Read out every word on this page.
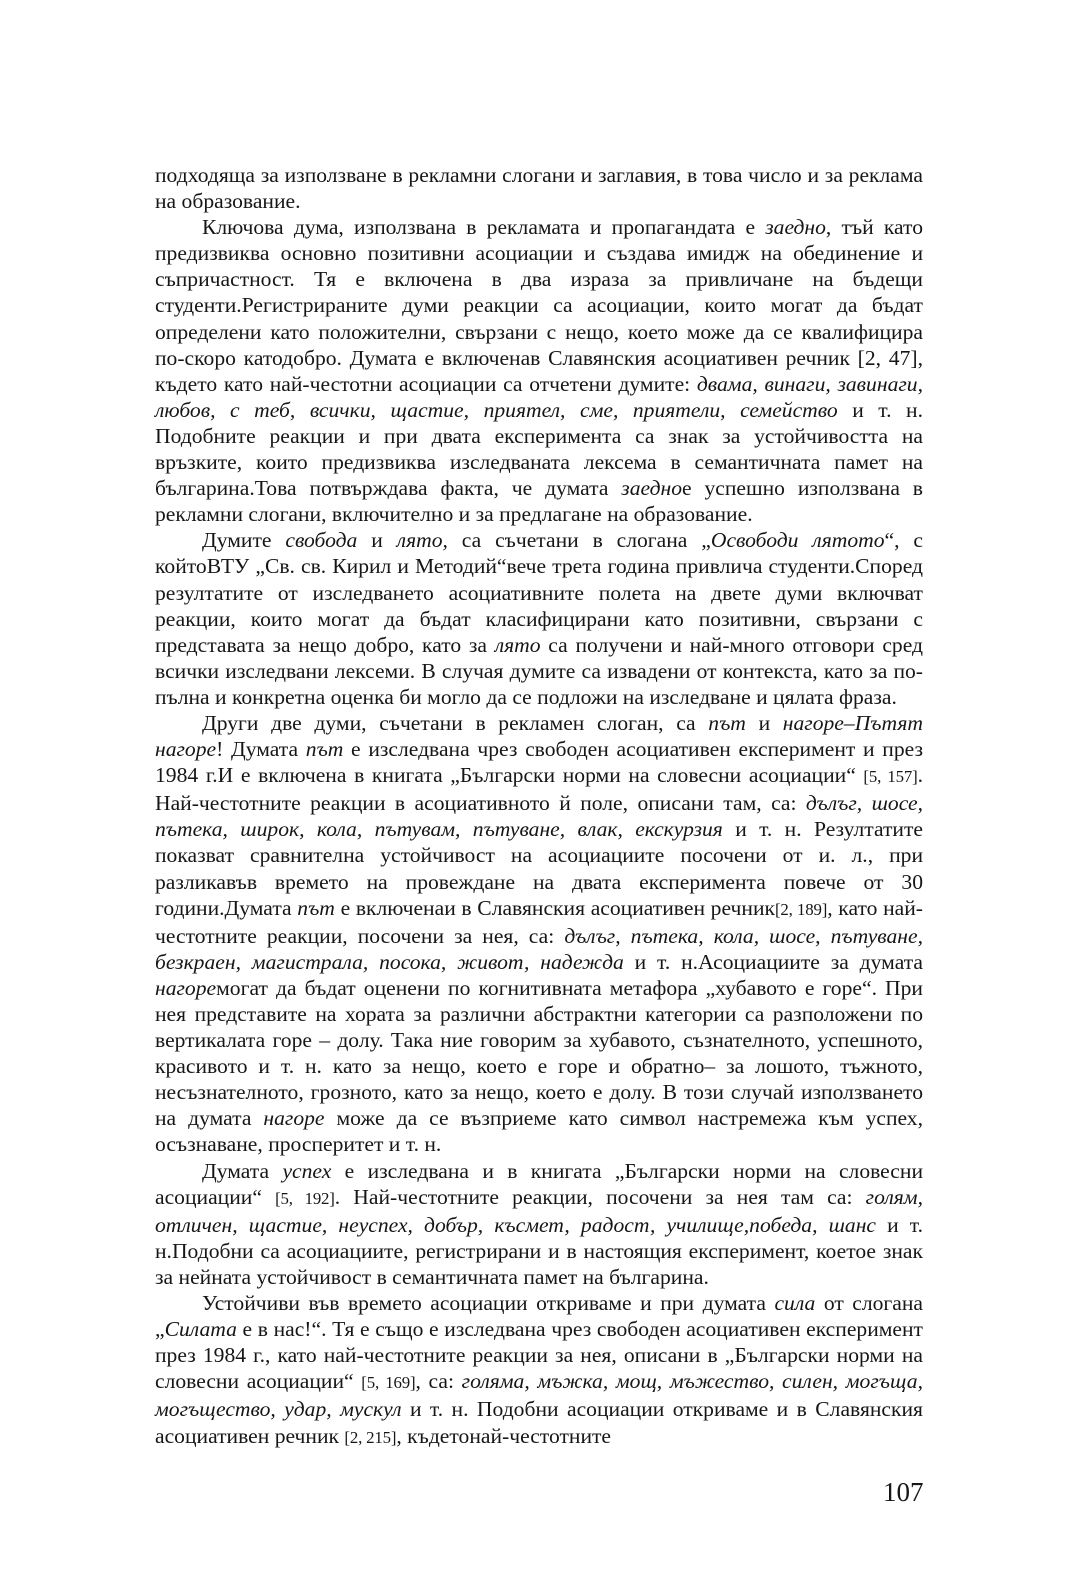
подходяща за използване в рекламни слогани и заглавия, в това число и за реклама на образование.

Ключова дума, използвана в рекламата и пропагандата е заедно, тъй като предизвиква основно позитивни асоциации и създава имидж на обединение и съпричастност. Тя е включена в два израза за привличане на бъдещи студенти.Регистрираните думи реакции са асоциации, които могат да бъдат определени като положителни, свързани с нещо, което може да се квалифицира по-скоро катодобро. Думата е включенав Славянския асоциативен речник [2, 47], където като най-честотни асоциации са отчетени думите: двама, винаги, завинаги, любов, с теб, всички, щастие, приятел, сме, приятели, семейство и т. н. Подобните реакции и при двата експеримента са знак за устойчивостта на връзките, които предизвиква изследваната лексема в семантичната памет на българина.Това потвърждава факта, че думата заедное успешно използвана в рекламни слогани, включително и за предлагане на образование.

Думите свобода и лято, са съчетани в слогана „Освободи лятото“, с койтоВТУ „Св. св. Кирил и Методий“вече трета година привлича студенти.Според резултатите от изследването асоциативните полета на двете думи включват реакции, които могат да бъдат класифицирани като позитивни, свързани с представата за нещо добро, като за лято са получени и най-много отговори сред всички изследвани лексеми. В случая думите са извадени от контекста, като за по-пълна и конкретна оценка би могло да се подложи на изследване и цялата фраза.

Други две думи, съчетани в рекламен слоган, са път и нагоре–Пътят нагоре! Думата път е изследвана чрез свободен асоциативен експеримент и през 1984 г.И е включена в книгата „Български норми на словесни асоциации“ [5, 157]. Най-честотните реакции в асоциативното й поле, описани там, са: дълъг, шосе, пътека, широк, кола, пътувам, пътуване, влак, екскурзия и т. н. Резултатите показват сравнителна устойчивост на асоциациите посочени от и. л., при разликавъв времето на провеждане на двата експеримента повече от 30 години.Думата път е включенаи в Славянския асоциативен речник[2, 189], като най-честотните реакции, посочени за нея, са: дълъг, пътека, кола, шосе, пътуване, безкраен, магистрала, посока, живот, надежда и т. н.Асоциациите за думата нагоремогат да бъдат оценени по когнитивната метафора „хубавото е горе“. При нея представите на хората за различни абстрактни категории са разположени по вертикалата горе – долу. Така ние говорим за хубавото, съзнателното, успешното, красивото и т. н. като за нещо, което е горе и обратно– за лошото, тъжното, несъзнателното, грозното, като за нещо, което е долу. В този случай използването на думата нагоре може да се възприеме като символ настремежа към успех, осъзнаване, просперитет и т. н.

Думата успех е изследвана и в книгата „Български норми на словесни асоциации“ [5, 192]. Най-честотните реакции, посочени за нея там са: голям, отличен, щастие, неуспех, добър, късмет, радост, училище,победа, шанс и т. н.Подобни са асоциациите, регистрирани и в настоящия експеримент, коетое знак за нейната устойчивост в семантичната памет на българина.

Устойчиви във времето асоциации откриваме и при думата сила от слогана „Силата е в нас!“. Тя е също е изследвана чрез свободен асоциативен експеримент през 1984 г., като най-честотните реакции за нея, описани в „Български норми на словесни асоциации“ [5, 169], са: голяма, мъжка, мощ, мъжество, силен, могъща, могъщество, удар, мускул и т. н. Подобни асоциации откриваме и в Славянския асоциативен речник [2, 215], къдетонай-честотните

107
